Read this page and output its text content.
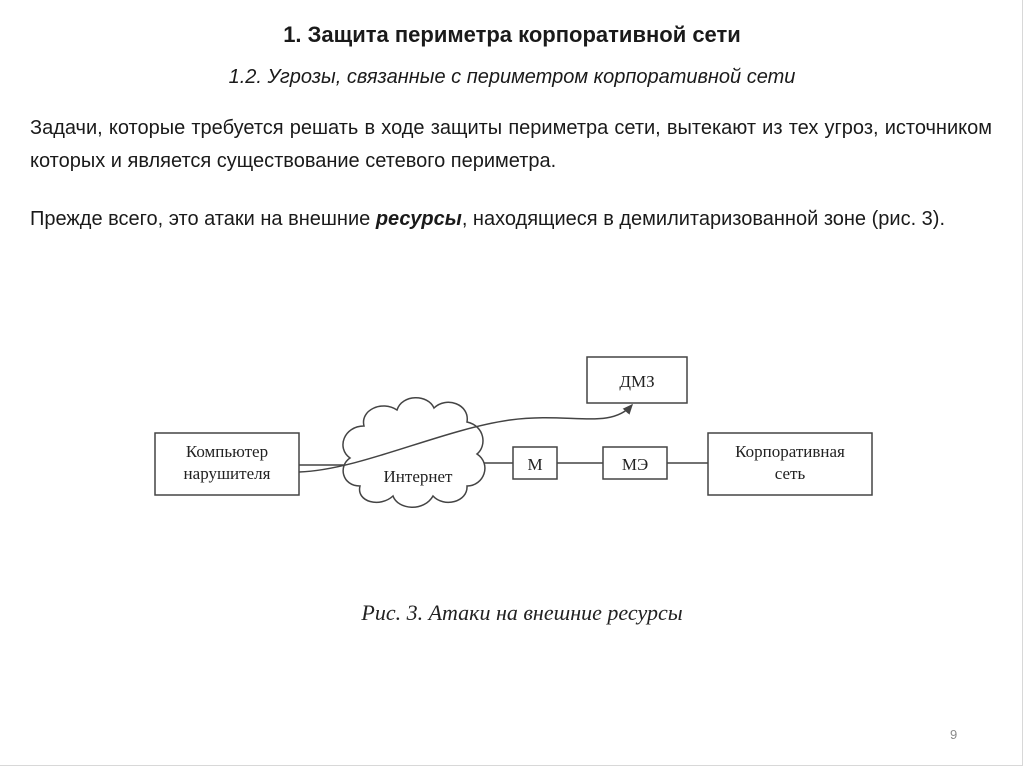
1. Защита периметра корпоративной сети
1.2. Угрозы, связанные с периметром корпоративной сети
Задачи, которые требуется решать в ходе защиты периметра сети, вытекают из тех угроз, источником которых и является существование сетевого периметра.
Прежде всего, это атаки на внешние ресурсы, находящиеся в демилитаризованной зоне (рис. 3).
Компьютер
нарушителя	Интернет
М	МЭ
ДМЗ
Корпоративная
сеть
Рис. 3. Атаки на внешние ресурсы
9
